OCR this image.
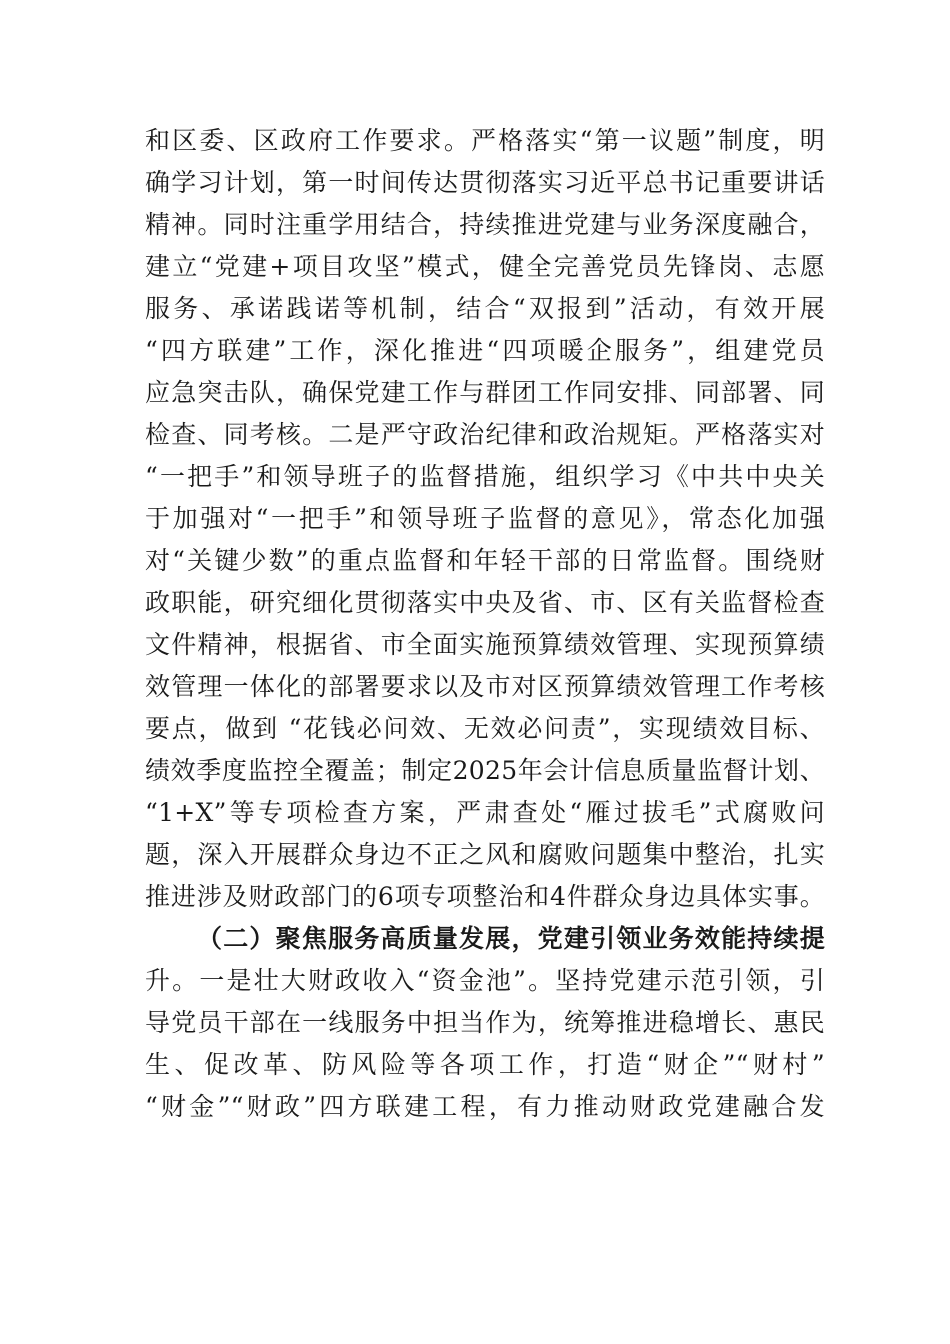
和区委、区政府工作要求。严格落实“第一议题”制度，明
确学习计划，第一时间传达贯彻落实习近平总书记重要讲话
精神。同时注重学用结合，持续推进党建与业务深度融合，
建立“党建+项目攻坚”模式，健全完善党员先锋岗、志愿
服务、承诺践诺等机制，结合“双报到”活动，有效开展
“四方联建”工作，深化推进“四项暖企服务”，组建党员
应急突击队，确保党建工作与群团工作同安排、同部署、同
检查、同考核。二是严守政治纪律和政治规矩。严格落实对
“一把手”和领导班子的监督措施，组织学习《中共中央关
于加强对“一把手”和领导班子监督的意见》，常态化加强
对“关键少数”的重点监督和年轻干部的日常监督。围绕财
政职能，研究细化贯彻落实中央及省、市、区有关监督检查
文件精神，根据省、市全面实施预算绩效管理、实现预算绩
效管理一体化的部署要求以及市对区预算绩效管理工作考核
要点，做到 “花钱必问效、无效必问责”，实现绩效目标、
绩效季度监控全覆盖；制定2025年会计信息质量监督计划、
“1+X”等专项检查方案，严肃查处“雁过拔毛”式腐败问
题，深入开展群众身边不正之风和腐败问题集中整治，扎实
推进涉及财政部门的6项专项整治和4件群众身边具体实事。
（二）聚焦服务高质量发展，党建引领业务效能持续提
升。一是壮大财政收入“资金池”。坚持党建示范引领，引
导党员干部在一线服务中担当作为，统筹推进稳增长、惠民
生、促改革、防风险等各项工作，打造“财企”“财村”
“财金”“财政”四方联建工程，有力推动财政党建融合发
